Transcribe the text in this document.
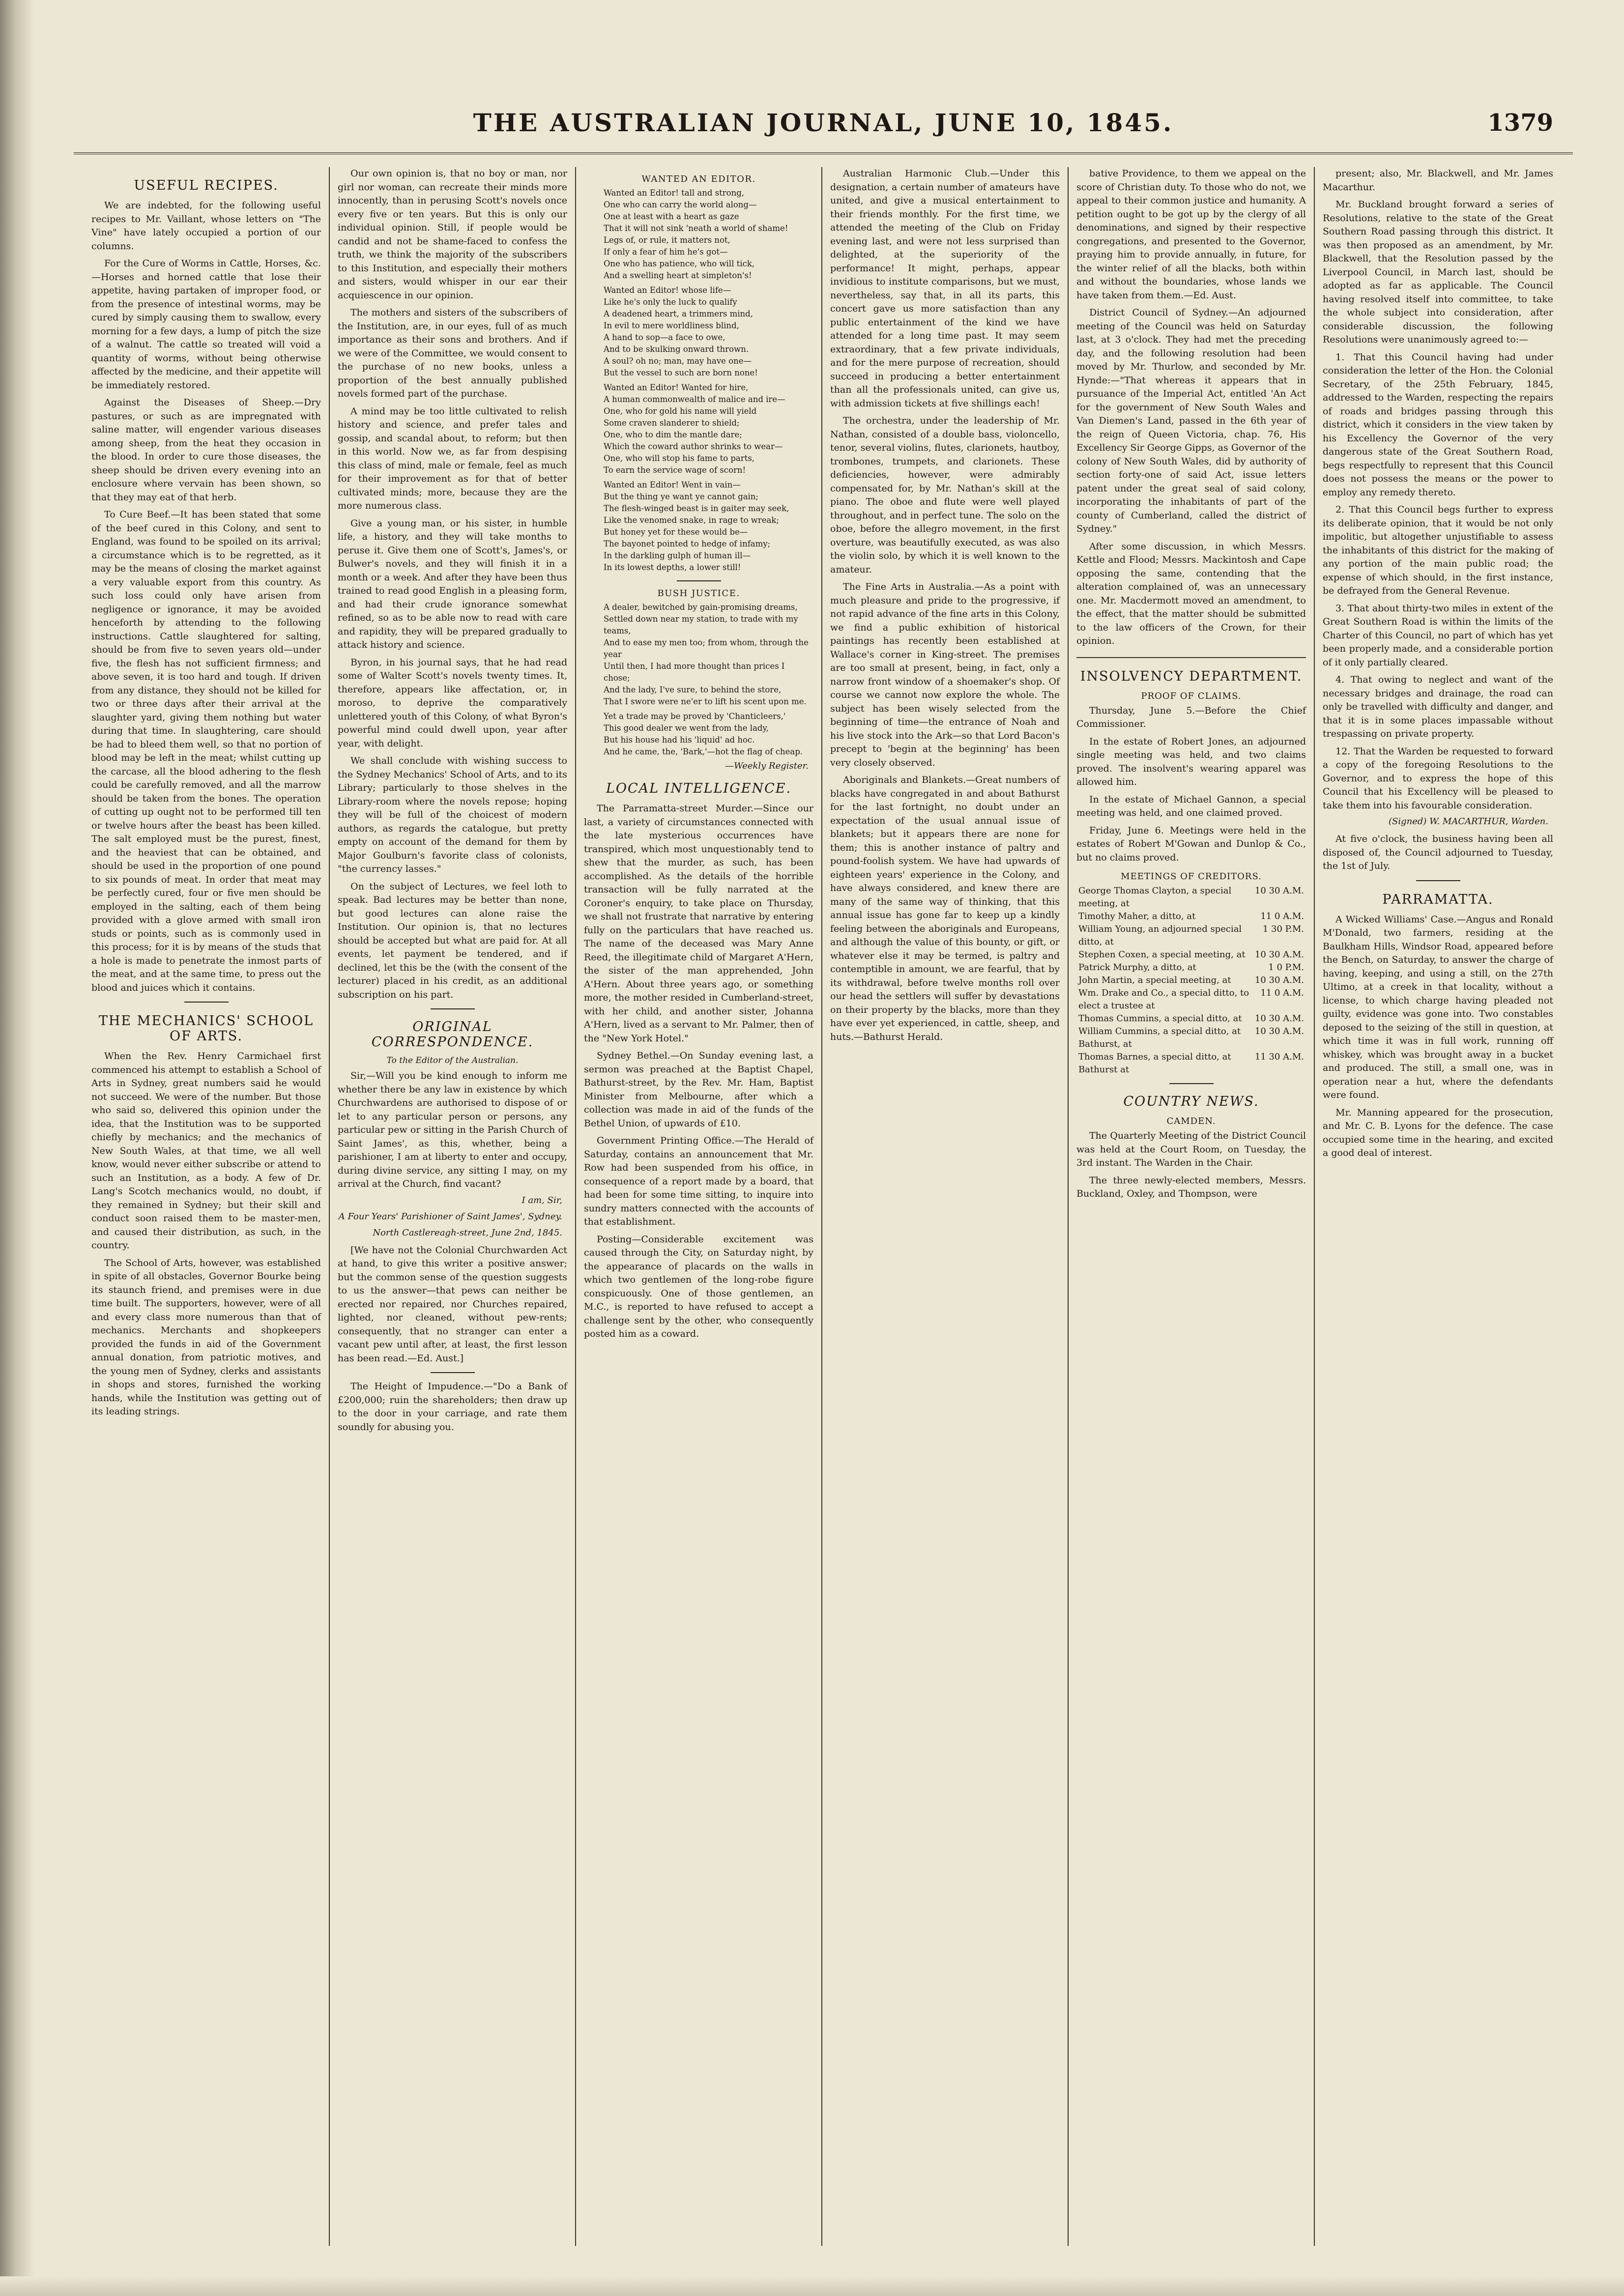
THE AUSTRALIAN JOURNAL, JUNE 10, 1845.	1379
USEFUL RECIPES.

We are indebted, for the following useful recipes to Mr. Vaillant, whose letters on "The Vine" have lately occupied a portion of our columns.

For the Cure of Worms in Cattle, Horses, &c.—Horses and horned cattle that lose their appetite, having partaken of improper food, or from the presence of intestinal worms, may be cured by simply causing them to swallow, every morning for a few days, a lump of pitch the size of a walnut. The cattle so treated will void a quantity of worms, without being otherwise affected by the medicine, and their appetite will be immediately restored.

Against the Diseases of Sheep.—Dry pastures, or such as are impregnated with saline matter, will engender various diseases among sheep, from the heat they occasion in the blood. In order to cure those diseases, the sheep should be driven every evening into an enclosure where vervain has been shown, so that they may eat of that herb.

To Cure Beef.—It has been stated that some of the beef cured in this Colony, and sent to England, was found to be spoiled on its arrival; a circumstance which is to be regretted, as it may be the means of closing the market against a very valuable export from this country. As such loss could only have arisen from negligence or ignorance, it may be avoided henceforth by attending to the following instructions. Cattle slaughtered for salting, should be from five to seven years old—under five, the flesh has not sufficient firmness; and above seven, it is too hard and tough. If driven from any distance, they should not be killed for two or three days after their arrival at the slaughter yard, giving them nothing but water during that time. In slaughtering, care should be had to bleed them well, so that no portion of blood may be left in the meat; whilst cutting up the carcase, all the blood adhering to the flesh could be carefully removed, and all the marrow should be taken from the bones. The operation of cutting up ought not to be performed till ten or twelve hours after the beast has been killed. The salt employed must be the purest, finest, and the heaviest that can be obtained, and should be used in the proportion of one pound to six pounds of meat. In order that meat may be perfectly cured, four or five men should be employed in the salting, each of them being provided with a glove armed with small iron studs or points, such as is commonly used in this process; for it is by means of the studs that a hole is made to penetrate the inmost parts of the meat, and at the same time, to press out the blood and juices which it contains.

THE MECHANICS' SCHOOL OF ARTS.

When the Rev. Henry Carmichael first commenced his attempt to establish a School of Arts in Sydney, great numbers said he would not succeed. We were of the number. But those who said so, delivered this opinion under the idea, that the Institution was to be supported chiefly by mechanics; and the mechanics of New South Wales, at that time, we all well know, would never either subscribe or attend to such an Institution, as a body. A few of Dr. Lang's Scotch mechanics would, no doubt, if they remained in Sydney; but their skill and conduct soon raised them to be master-men, and caused their distribution, as such, in the country.

The School of Arts, however, was established in spite of all obstacles, Governor Bourke being its staunch friend, and premises were in due time built. The supporters, however, were of all and every class more numerous than that of mechanics. Merchants and shopkeepers provided the funds in aid of the Government annual donation, from patriotic motives, and the young men of Sydney, clerks and assistants in shops and stores, furnished the working hands, while the Institution was getting out of its leading strings.

Our own opinion is, that no boy or man, nor girl nor woman, can recreate their minds more innocently, than in perusing Scott's novels once every five or ten years. But this is only our individual opinion. Still, if people would be candid and not be shame-faced to confess the truth, we think the majority of the subscribers to this Institution, and especially their mothers and sisters, would whisper in our ear their acquiescence in our opinion.

The mothers and sisters of the subscribers of the Institution, are, in our eyes, full of as much importance as their sons and brothers. And if we were of the Committee, we would consent to the purchase of no new books, unless a proportion of the best annually published novels formed part of the purchase.

A mind may be too little cultivated to relish history and science, and prefer tales and gossip, and scandal about, to reform; but then in this world. Now we, as far from despising this class of mind, male or female, feel as much for their improvement as for that of better cultivated minds; more, because they are the more numerous class.

Give a young man, or his sister, in humble life, a history, and they will take months to peruse it. Give them one of Scott's, James's, or Bulwer's novels, and they will finish it in a month or a week. And after they have been thus trained to read good English in a pleasing form, and had their crude ignorance somewhat refined, so as to be able now to read with care and rapidity, they will be prepared gradually to attack history and science.

Byron, in his journal says, that he had read some of Walter Scott's novels twenty times. It, therefore, appears like affectation, or, in moroso, to deprive the comparatively unlettered youth of this Colony, of what Byron's powerful mind could dwell upon, year after year, with delight.

We shall conclude with wishing success to the Sydney Mechanics' School of Arts, and to its Library; particularly to those shelves in the Library-room where the novels repose; hoping they will be full of the choicest of modern authors, as regards the catalogue, but pretty empty on account of the demand for them by Major Goulburn's favorite class of colonists, "the currency lasses."

On the subject of Lectures, we feel loth to speak. Bad lectures may be better than none, but good lectures can alone raise the Institution. Our opinion is, that no lectures should be accepted but what are paid for. At all events, let payment be tendered, and if declined, let this be the (with the consent of the lecturer) placed in his credit, as an additional subscription on his part.

ORIGINAL CORRESPONDENCE.
To the Editor of the Australian.

Sir,—Will you be kind enough to inform me whether there be any law in existence by which Churchwardens are authorised to dispose of or let to any particular person or persons, any particular pew or sitting in the Parish Church of Saint James', as this, whether, being a parishioner, I am at liberty to enter and occupy, during divine service, any sitting I may, on my arrival at the Church, find vacant?

I am, Sir,
A Four Years' Parishioner of Saint James', Sydney.
North Castlereagh-street, June 2nd, 1845.

[We have not the Colonial Churchwarden Act at hand, to give this writer a positive answer; but the common sense of the question suggests to us the answer—that pews can neither be erected nor repaired, nor Churches repaired, lighted, nor cleaned, without pew-rents; consequently, that no stranger can enter a vacant pew until after, at least, the first lesson has been read.—Ed. Aust.]

The Height of Impudence.—"Do a Bank of £200,000; ruin the shareholders; then draw up to the door in your carriage, and rate them soundly for abusing you.

WANTED AN EDITOR.
Wanted an Editor! tall and strong,
One who can carry the world along—
One at least with a heart as gaze
That it will not sink 'neath a world of shame!
Legs of, or rule, it matters not,
If only a fear of him he's got—
One who has patience, who will tick,
And a swelling heart at simpleton's!
Wanted an Editor! whose life—
Like he's only the luck to qualify
A deadened heart, a trimmers mind,
In evil to mere worldliness blind,
A hand to sop—a face to owe,
And to be skulking onward thrown.
A soul? oh no; man, may have one—
But the vessel to such are born none!
Wanted an Editor! Wanted for hire,
A human commonwealth of malice and ire—
One, who for gold his name will yield
Some craven slanderer to shield;
One, who to dim the mantle dare;
Which the coward author shrinks to wear—
One, who will stop his fame to parts,
To earn the service wage of scorn!
Wanted an Editor! Went in vain—
But the thing ye want ye cannot gain;
The flesh-winged beast is in gaiter may seek,
Like the venomed snake, in rage to wreak;
But honey yet for these would be—
The bayonet pointed to hedge of infamy;
In the darkling gulph of human ill—
In its lowest depths, a lower still!
BUSH JUSTICE.
A dealer, bewitched by gain-promising dreams,
Settled down near my station, to trade with my teams,
And to ease my men too; from whom, through the year
Until then, I had more thought than prices I chose;
And the lady, I've sure, to behind the store,
That I swore were ne'er to lift his scent upon me.
Yet a trade may be proved by 'Chanticleers,'
This good dealer we went from the lady,
But his house had his 'liquid' ad hoc.
And he came, the, 'Bark,'—hot the flag of cheap.
—Weekly Register.
LOCAL INTELLIGENCE.

The Parramatta-street Murder.—Since our last, a variety of circumstances connected with the late mysterious occurrences have transpired, which most unquestionably tend to shew that the murder, as such, has been accomplished. As the details of the horrible transaction will be fully narrated at the Coroner's enquiry, to take place on Thursday, we shall not frustrate that narrative by entering fully on the particulars that have reached us. The name of the deceased was Mary Anne Reed, the illegitimate child of Margaret A'Hern, the sister of the man apprehended, John A'Hern. About three years ago, or something more, the mother resided in Cumberland-street, with her child, and another sister, Johanna A'Hern, lived as a servant to Mr. Palmer, then of the "New York Hotel."

Sydney Bethel.—On Sunday evening last, a sermon was preached at the Baptist Chapel, Bathurst-street, by the Rev. Mr. Ham, Baptist Minister from Melbourne, after which a collection was made in aid of the funds of the Bethel Union, of upwards of £10.

Government Printing Office.—The Herald of Saturday, contains an announcement that Mr. Row had been suspended from his office, in consequence of a report made by a board, that had been for some time sitting, to inquire into sundry matters connected with the accounts of that establishment.

Posting—Considerable excitement was caused through the City, on Saturday night, by the appearance of placards on the walls in which two gentlemen of the long-robe figure conspicuously. One of those gentlemen, an M.C., is reported to have refused to accept a challenge sent by the other, who consequently posted him as a coward.

Australian Harmonic Club.—Under this designation, a certain number of amateurs have united, and give a musical entertainment to their friends monthly. For the first time, we attended the meeting of the Club on Friday evening last, and were not less surprised than delighted, at the superiority of the performance! It might, perhaps, appear invidious to institute comparisons, but we must, nevertheless, say that, in all its parts, this concert gave us more satisfaction than any public entertainment of the kind we have attended for a long time past. It may seem extraordinary, that a few private individuals, and for the mere purpose of recreation, should succeed in producing a better entertainment than all the professionals united, can give us, with admission tickets at five shillings each!

The orchestra, under the leadership of Mr. Nathan, consisted of a double bass, violoncello, tenor, several violins, flutes, clarionets, hautboy, trombones, trumpets, and clarionets. These deficiencies, however, were admirably compensated for, by Mr. Nathan's skill at the piano. The oboe and flute were well played throughout, and in perfect tune. The solo on the oboe, before the allegro movement, in the first overture, was beautifully executed, as was also the violin solo, by which it is well known to the amateur.

The Fine Arts in Australia.—As a point with much pleasure and pride to the progressive, if not rapid advance of the fine arts in this Colony, we find a public exhibition of historical paintings has recently been established at Wallace's corner in King-street. The premises are too small at present, being, in fact, only a narrow front window of a shoemaker's shop. Of course we cannot now explore the whole. The subject has been wisely selected from the beginning of time—the entrance of Noah and his live stock into the Ark—so that Lord Bacon's precept to 'begin at the beginning' has been very closely observed.

Aboriginals and Blankets.—Great numbers of blacks have congregated in and about Bathurst for the last fortnight, no doubt under an expectation of the usual annual issue of blankets; but it appears there are none for them; this is another instance of paltry and pound-foolish system. We have had upwards of eighteen years' experience in the Colony, and have always considered, and knew there are many of the same way of thinking, that this annual issue has gone far to keep up a kindly feeling between the aboriginals and Europeans, and although the value of this bounty, or gift, or whatever else it may be termed, is paltry and contemptible in amount, we are fearful, that by its withdrawal, before twelve months roll over our head the settlers will suffer by devastations on their property by the blacks, more than they have ever yet experienced, in cattle, sheep, and huts.—Bathurst Herald.

bative Providence, to them we appeal on the score of Christian duty. To those who do not, we appeal to their common justice and humanity. A petition ought to be got up by the clergy of all denominations, and signed by their respective congregations, and presented to the Governor, praying him to provide annually, in future, for the winter relief of all the blacks, both within and without the boundaries, whose lands we have taken from them.—Ed. Aust.

District Council of Sydney.—An adjourned meeting of the Council was held on Saturday last, at 3 o'clock. They had met the preceding day, and the following resolution had been moved by Mr. Thurlow, and seconded by Mr. Hynde:—"That whereas it appears that in pursuance of the Imperial Act, entitled 'An Act for the government of New South Wales and Van Diemen's Land, passed in the 6th year of the reign of Queen Victoria, chap. 76, His Excellency Sir George Gipps, as Governor of the colony of New South Wales, did by authority of section forty-one of said Act, issue letters patent under the great seal of said colony, incorporating the inhabitants of part of the county of Cumberland, called the district of Sydney."

After some discussion, in which Messrs. Kettle and Flood; Messrs. Mackintosh and Cape opposing the same, contending that the alteration complained of, was an unnecessary one. Mr. Macdermott moved an amendment, to the effect, that the matter should be submitted to the law officers of the Crown, for their opinion.

INSOLVENCY DEPARTMENT.
PROOF OF CLAIMS.

Thursday, June 5.—Before the Chief Commissioner.

In the estate of Robert Jones, an adjourned single meeting was held, and two claims proved. The insolvent's wearing apparel was allowed him.

In the estate of Michael Gannon, a special meeting was held, and one claimed proved.

Friday, June 6. Meetings were held in the estates of Robert M'Gowan and Dunlop & Co., but no claims proved.

MEETINGS OF CREDITORS.
George Thomas Clayton, a special meeting, at
10 30 A.M.
Timothy Maher, a ditto, at	11 0 A.M.
William Young, an adjourned special ditto, at
1 30 P.M.
Stephen Coxen, a special meeting, at 10 30 A.M.
Patrick Murphy, a ditto, at	1 0 P.M.
John Martin, a special meeting, at	10 30 A.M.
Wm. Drake and Co., a special ditto, to elect a trustee at
11 0 A.M.
Thomas Cummins, a special ditto, at 10 30 A.M.
William Cummins, a special ditto, at Bathurst, at
10 30 A.M.
Thomas Barnes, a special ditto, at Bathurst at
11 30 A.M.
COUNTRY NEWS.
CAMDEN.

The Quarterly Meeting of the District Council was held at the Court Room, on Tuesday, the 3rd instant. The Warden in the Chair.

The three newly-elected members, Messrs. Buckland, Oxley, and Thompson, were

present; also, Mr. Blackwell, and Mr. James Macarthur.

Mr. Buckland brought forward a series of Resolutions, relative to the state of the Great Southern Road passing through this district. It was then proposed as an amendment, by Mr. Blackwell, that the Resolution passed by the Liverpool Council, in March last, should be adopted as far as applicable. The Council having resolved itself into committee, to take the whole subject into consideration, after considerable discussion, the following Resolutions were unanimously agreed to:—

1. That this Council having had under consideration the letter of the Hon. the Colonial Secretary, of the 25th February, 1845, addressed to the Warden, respecting the repairs of roads and bridges passing through this district, which it considers in the view taken by his Excellency the Governor of the very dangerous state of the Great Southern Road, begs respectfully to represent that this Council does not possess the means or the power to employ any remedy thereto.

2. That this Council begs further to express its deliberate opinion, that it would be not only impolitic, but altogether unjustifiable to assess the inhabitants of this district for the making of any portion of the main public road; the expense of which should, in the first instance, be defrayed from the General Revenue.

3. That about thirty-two miles in extent of the Great Southern Road is within the limits of the Charter of this Council, no part of which has yet been properly made, and a considerable portion of it only partially cleared.

4. That owing to neglect and want of the necessary bridges and drainage, the road can only be travelled with difficulty and danger, and that it is in some places impassable without trespassing on private property.

12. That the Warden be requested to forward a copy of the foregoing Resolutions to the Governor, and to express the hope of this Council that his Excellency will be pleased to take them into his favourable consideration.

(Signed) W. MACARTHUR, Warden.

At five o'clock, the business having been all disposed of, the Council adjourned to Tuesday, the 1st of July.

PARRAMATTA.

A Wicked Williams' Case.—Angus and Ronald M'Donald, two farmers, residing at the Baulkham Hills, Windsor Road, appeared before the Bench, on Saturday, to answer the charge of having, keeping, and using a still, on the 27th Ultimo, at a creek in that locality, without a license, to which charge having pleaded not guilty, evidence was gone into. Two constables deposed to the seizing of the still in question, at which time it was in full work, running off whiskey, which was brought away in a bucket and produced. The still, a small one, was in operation near a hut, where the defendants were found.

Mr. Manning appeared for the prosecution, and Mr. C. B. Lyons for the defence. The case occupied some time in the hearing, and excited a good deal of interest.
